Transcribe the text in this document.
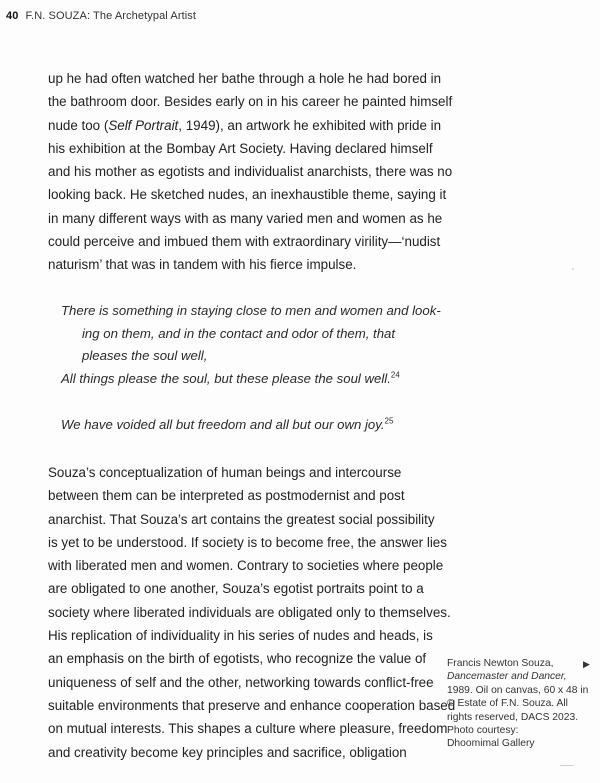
40 F.N. SOUZA: The Archetypal Artist
up he had often watched her bathe through a hole he had bored in
the bathroom door. Besides early on in his career he painted himself
nude too (Self Portrait, 1949), an artwork he exhibited with pride in
his exhibition at the Bombay Art Society. Having declared himself
and his mother as egotists and individualist anarchists, there was no
looking back. He sketched nudes, an inexhaustible theme, saying it
in many different ways with as many varied men and women as he
could perceive and imbued them with extraordinary virility—‘nudist
naturism’ that was in tandem with his fierce impulse.
There is something in staying close to men and women and look-
ing on them, and in the contact and odor of them, that
pleases the soul well,
All things please the soul, but these please the soul well.$^{24}$
We have voided all but freedom and all but our own joy.$^{25}$
Souza’s conceptualization of human beings and intercourse
between them can be interpreted as postmodernist and post
anarchist. That Souza’s art contains the greatest social possibility
is yet to be understood. If society is to become free, the answer lies
with liberated men and women. Contrary to societies where people
are obligated to one another, Souza’s egotist portraits point to a
society where liberated individuals are obligated only to themselves.
His replication of individuality in his series of nudes and heads, is
an emphasis on the birth of egotists, who recognize the value of
uniqueness of self and the other, networking towards conflict-free
suitable environments that preserve and enhance cooperation based
on mutual interests. This shapes a culture where pleasure, freedom
and creativity become key principles and sacrifice, obligation
Francis Newton Souza,
Dancemaster and Dancer,
1989. Oil on canvas, 60 x 48 in
© Estate of F.N. Souza. All
rights reserved, DACS 2023.
Photo courtesy:
Dhoomimal Gallery
▶
